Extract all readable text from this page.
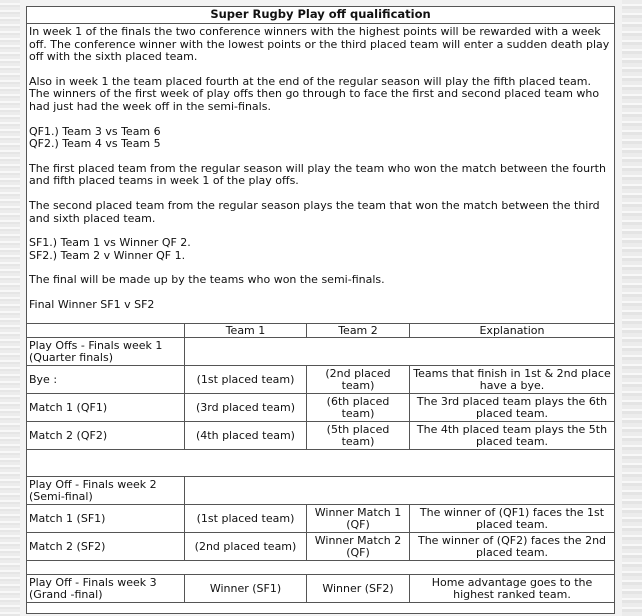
Super Rugby Play off qualification

In week 1 of the finals the two conference winners with the highest points will be rewarded with a week off. The conference winner with the lowest points or the third placed team will enter a sudden death play off with the sixth placed team.

Also in week 1 the team placed fourth at the end of the regular season will play the fifth placed team. The winners of the first week of play offs then go through to face the first and second placed team who had just had the week off in the semi-finals.

QF1.) Team 3 vs Team 6
QF2.) Team 4 vs Team 5

The first placed team from the regular season will play the team who won the match between the fourth and fifth placed teams in week 1 of the play offs.

The second placed team from the regular season plays the team that won the match between the third and sixth placed team.

SF1.) Team 1 vs Winner QF 2.
SF2.) Team 2 v Winner QF 1.

The final will be made up by the teams who won the semi-finals.

Final Winner SF1 v SF2

	Team 1	Team 2	Explanation
Play Offs - Finals week 1 (Quarter finals)			
Bye :	(1st placed team)	(2nd placed team)	Teams that finish in 1st & 2nd place have a bye.
Match 1 (QF1)	(3rd placed team)	(6th placed team)	The 3rd placed team plays the 6th placed team.
Match 2 (QF2)	(4th placed team)	(5th placed team)	The 4th placed team plays the 5th placed team.

Play Off - Finals week 2 (Semi-final)			
Match 1 (SF1)	(1st placed team)	Winner Match 1 (QF)	The winner of (QF1) faces the 1st placed team.
Match 2 (SF2)	(2nd placed team)	Winner Match 2 (QF)	The winner of (QF2) faces the 2nd placed team.

Play Off - Finals week 3 (Grand -final)	Winner (SF1)	Winner (SF2)	Home advantage goes to the highest ranked team.
